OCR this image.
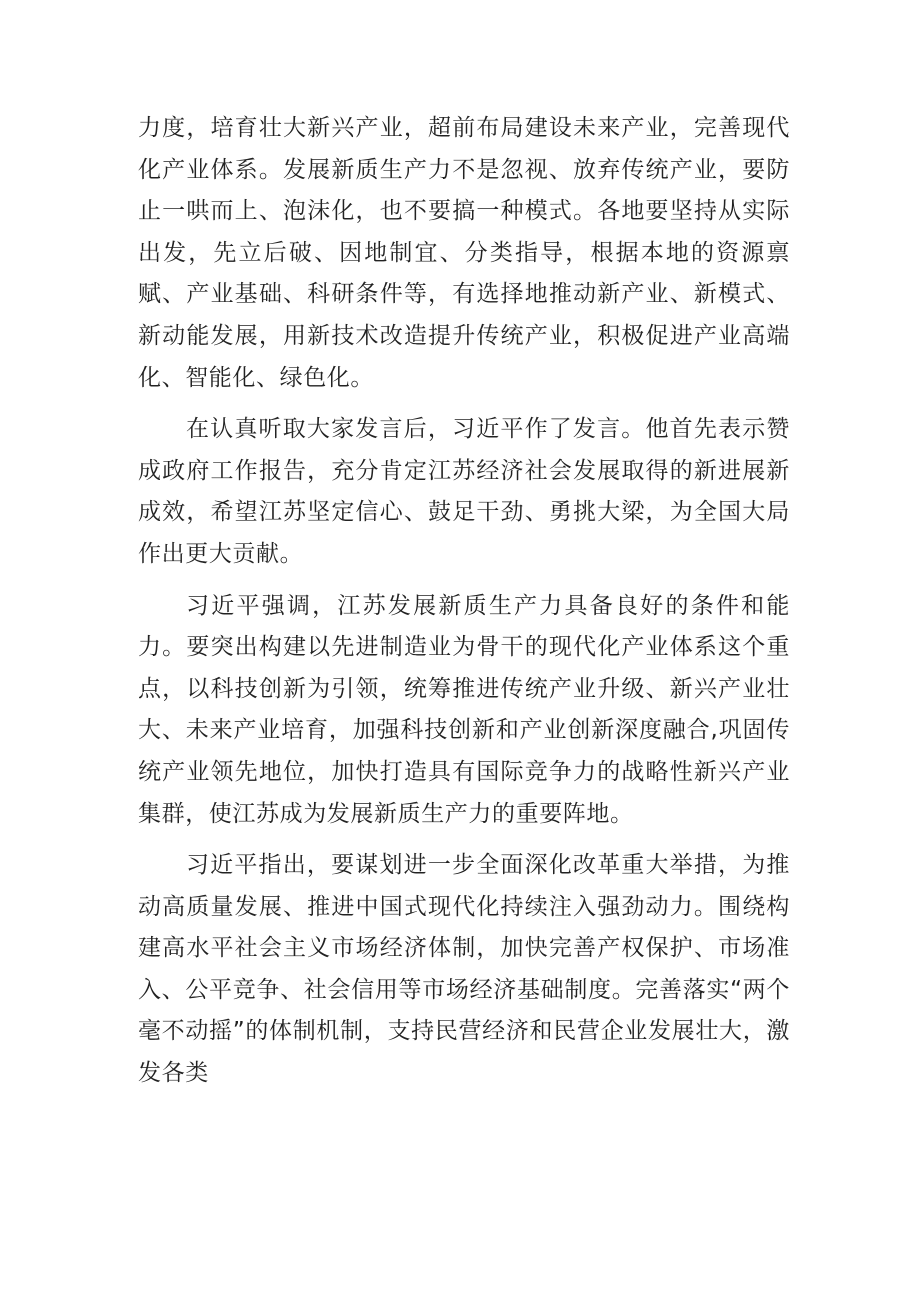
力度，培育壮大新兴产业，超前布局建设未来产业，完善现代化产业体系。发展新质生产力不是忽视、放弃传统产业，要防止一哄而上、泡沫化，也不要搞一种模式。各地要坚持从实际出发，先立后破、因地制宜、分类指导，根据本地的资源禀赋、产业基础、科研条件等，有选择地推动新产业、新模式、新动能发展，用新技术改造提升传统产业，积极促进产业高端化、智能化、绿色化。

在认真听取大家发言后，习近平作了发言。他首先表示赞成政府工作报告，充分肯定江苏经济社会发展取得的新进展新成效，希望江苏坚定信心、鼓足干劲、勇挑大梁，为全国大局作出更大贡献。

习近平强调，江苏发展新质生产力具备良好的条件和能力。要突出构建以先进制造业为骨干的现代化产业体系这个重点，以科技创新为引领，统筹推进传统产业升级、新兴产业壮大、未来产业培育，加强科技创新和产业创新深度融合,巩固传统产业领先地位，加快打造具有国际竞争力的战略性新兴产业集群，使江苏成为发展新质生产力的重要阵地。

习近平指出，要谋划进一步全面深化改革重大举措，为推动高质量发展、推进中国式现代化持续注入强劲动力。围绕构建高水平社会主义市场经济体制，加快完善产权保护、市场准入、公平竞争、社会信用等市场经济基础制度。完善落实“两个毫不动摇”的体制机制，支持民营经济和民营企业发展壮大，激发各类
